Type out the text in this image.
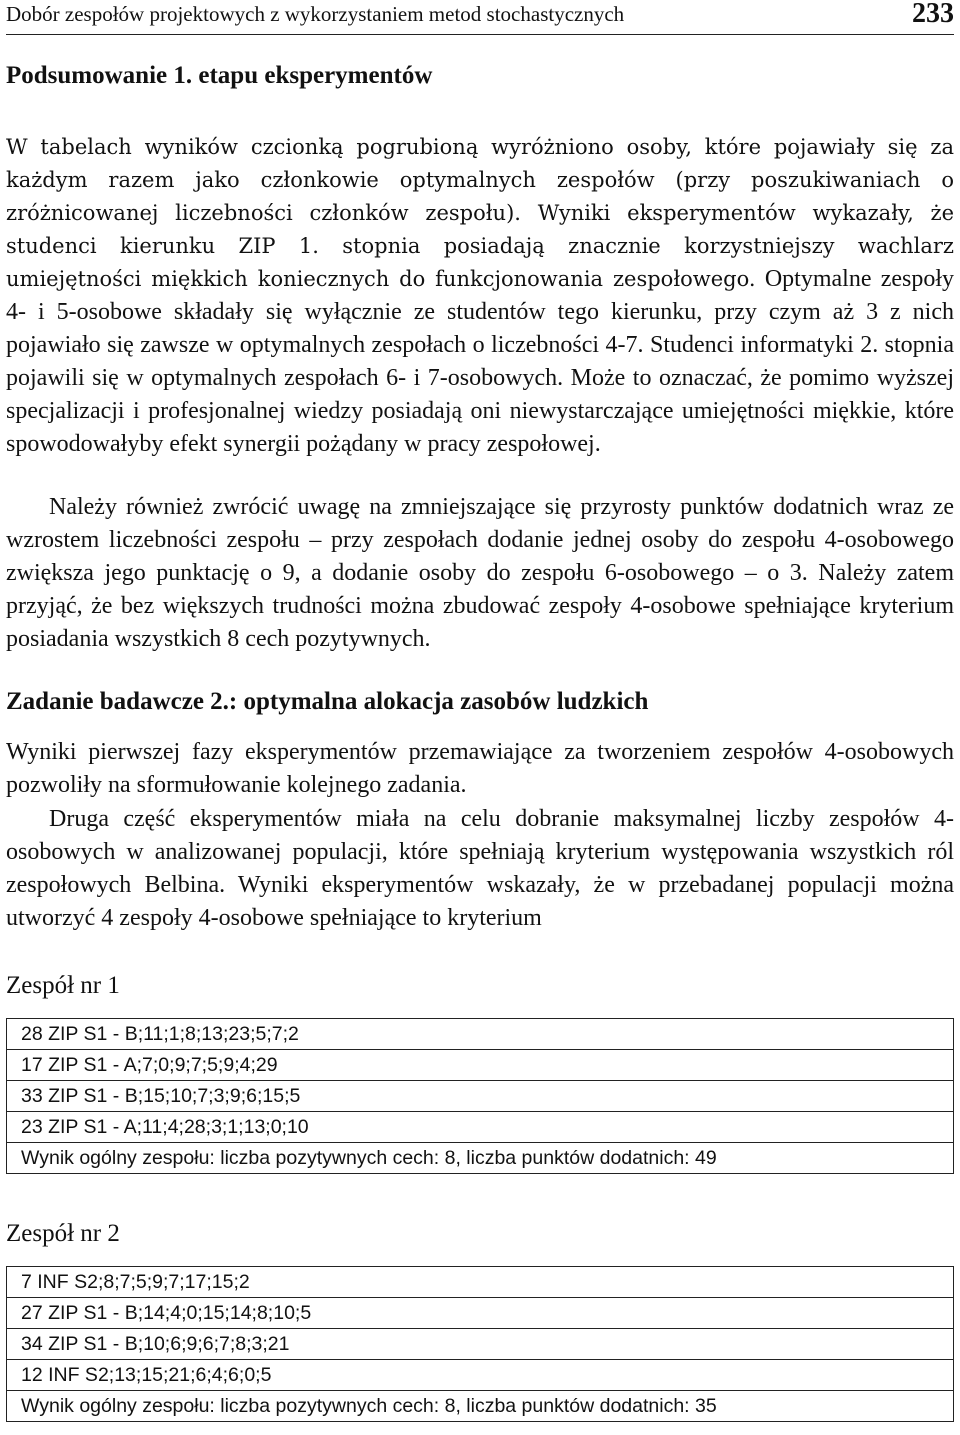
Dobór zespołów projektowych z wykorzystaniem metod stochastycznych	233
Podsumowanie 1. etapu eksperymentów

W tabelach wyników czcionką pogrubioną wyróżniono osoby, które pojawiały się za każdym razem jako członkowie optymalnych zespołów (przy poszukiwaniach o zróżnicowanej liczebności członków zespołu). Wyniki eksperymentów wykazały, że studenci kierunku ZIP 1. stopnia posiadają znacznie korzystniejszy wachlarz umiejętności miękkich koniecznych do funkcjonowania zespołowego. Optymalne zespoły 4- i 5-osobowe składały się wyłącznie ze studentów tego kierunku, przy czym aż 3 z nich pojawiało się zawsze w optymalnych zespołach o liczebności 4-7. Studenci informatyki 2. stopnia pojawili się w optymalnych zespołach 6- i 7-osobowych. Może to oznaczać, że pomimo wyższej specjalizacji i profesjonalnej wiedzy posiadają oni niewystarczające umiejętności miękkie, które spowodowałyby efekt synergii pożądany w pracy zespołowej.

Należy również zwrócić uwagę na zmniejszające się przyrosty punktów dodatnich wraz ze wzrostem liczebności zespołu – przy zespołach dodanie jednej osoby do zespołu 4-osobowego zwiększa jego punktację o 9, a dodanie osoby do zespołu 6-osobowego – o 3. Należy zatem przyjąć, że bez większych trudności można zbudować zespoły 4-osobowe spełniające kryterium posiadania wszystkich 8 cech pozytywnych.

Zadanie badawcze 2.: optymalna alokacja zasobów ludzkich

Wyniki pierwszej fazy eksperymentów przemawiające za tworzeniem zespołów 4-osobowych pozwoliły na sformułowanie kolejnego zadania.

Druga część eksperymentów miała na celu dobranie maksymalnej liczby zespołów 4-osobowych w analizowanej populacji, które spełniają kryterium występowania wszystkich ról zespołowych Belbina. Wyniki eksperymentów wskazały, że w przebadanej populacji można utworzyć 4 zespoły 4-osobowe spełniające to kryterium

Zespół nr 1
28 ZIP S1 - B;11;1;8;13;23;5;7;2
17 ZIP S1 - A;7;0;9;7;5;9;4;29
33 ZIP S1 - B;15;10;7;3;9;6;15;5
23 ZIP S1 - A;11;4;28;3;1;13;0;10
Wynik ogólny zespołu: liczba pozytywnych cech: 8, liczba punktów dodatnich: 49
Zespół nr 2
7 INF S2;8;7;5;9;7;17;15;2
27 ZIP S1 - B;14;4;0;15;14;8;10;5
34 ZIP S1 - B;10;6;9;6;7;8;3;21
12 INF S2;13;15;21;6;4;6;0;5
Wynik ogólny zespołu: liczba pozytywnych cech: 8, liczba punktów dodatnich: 35
